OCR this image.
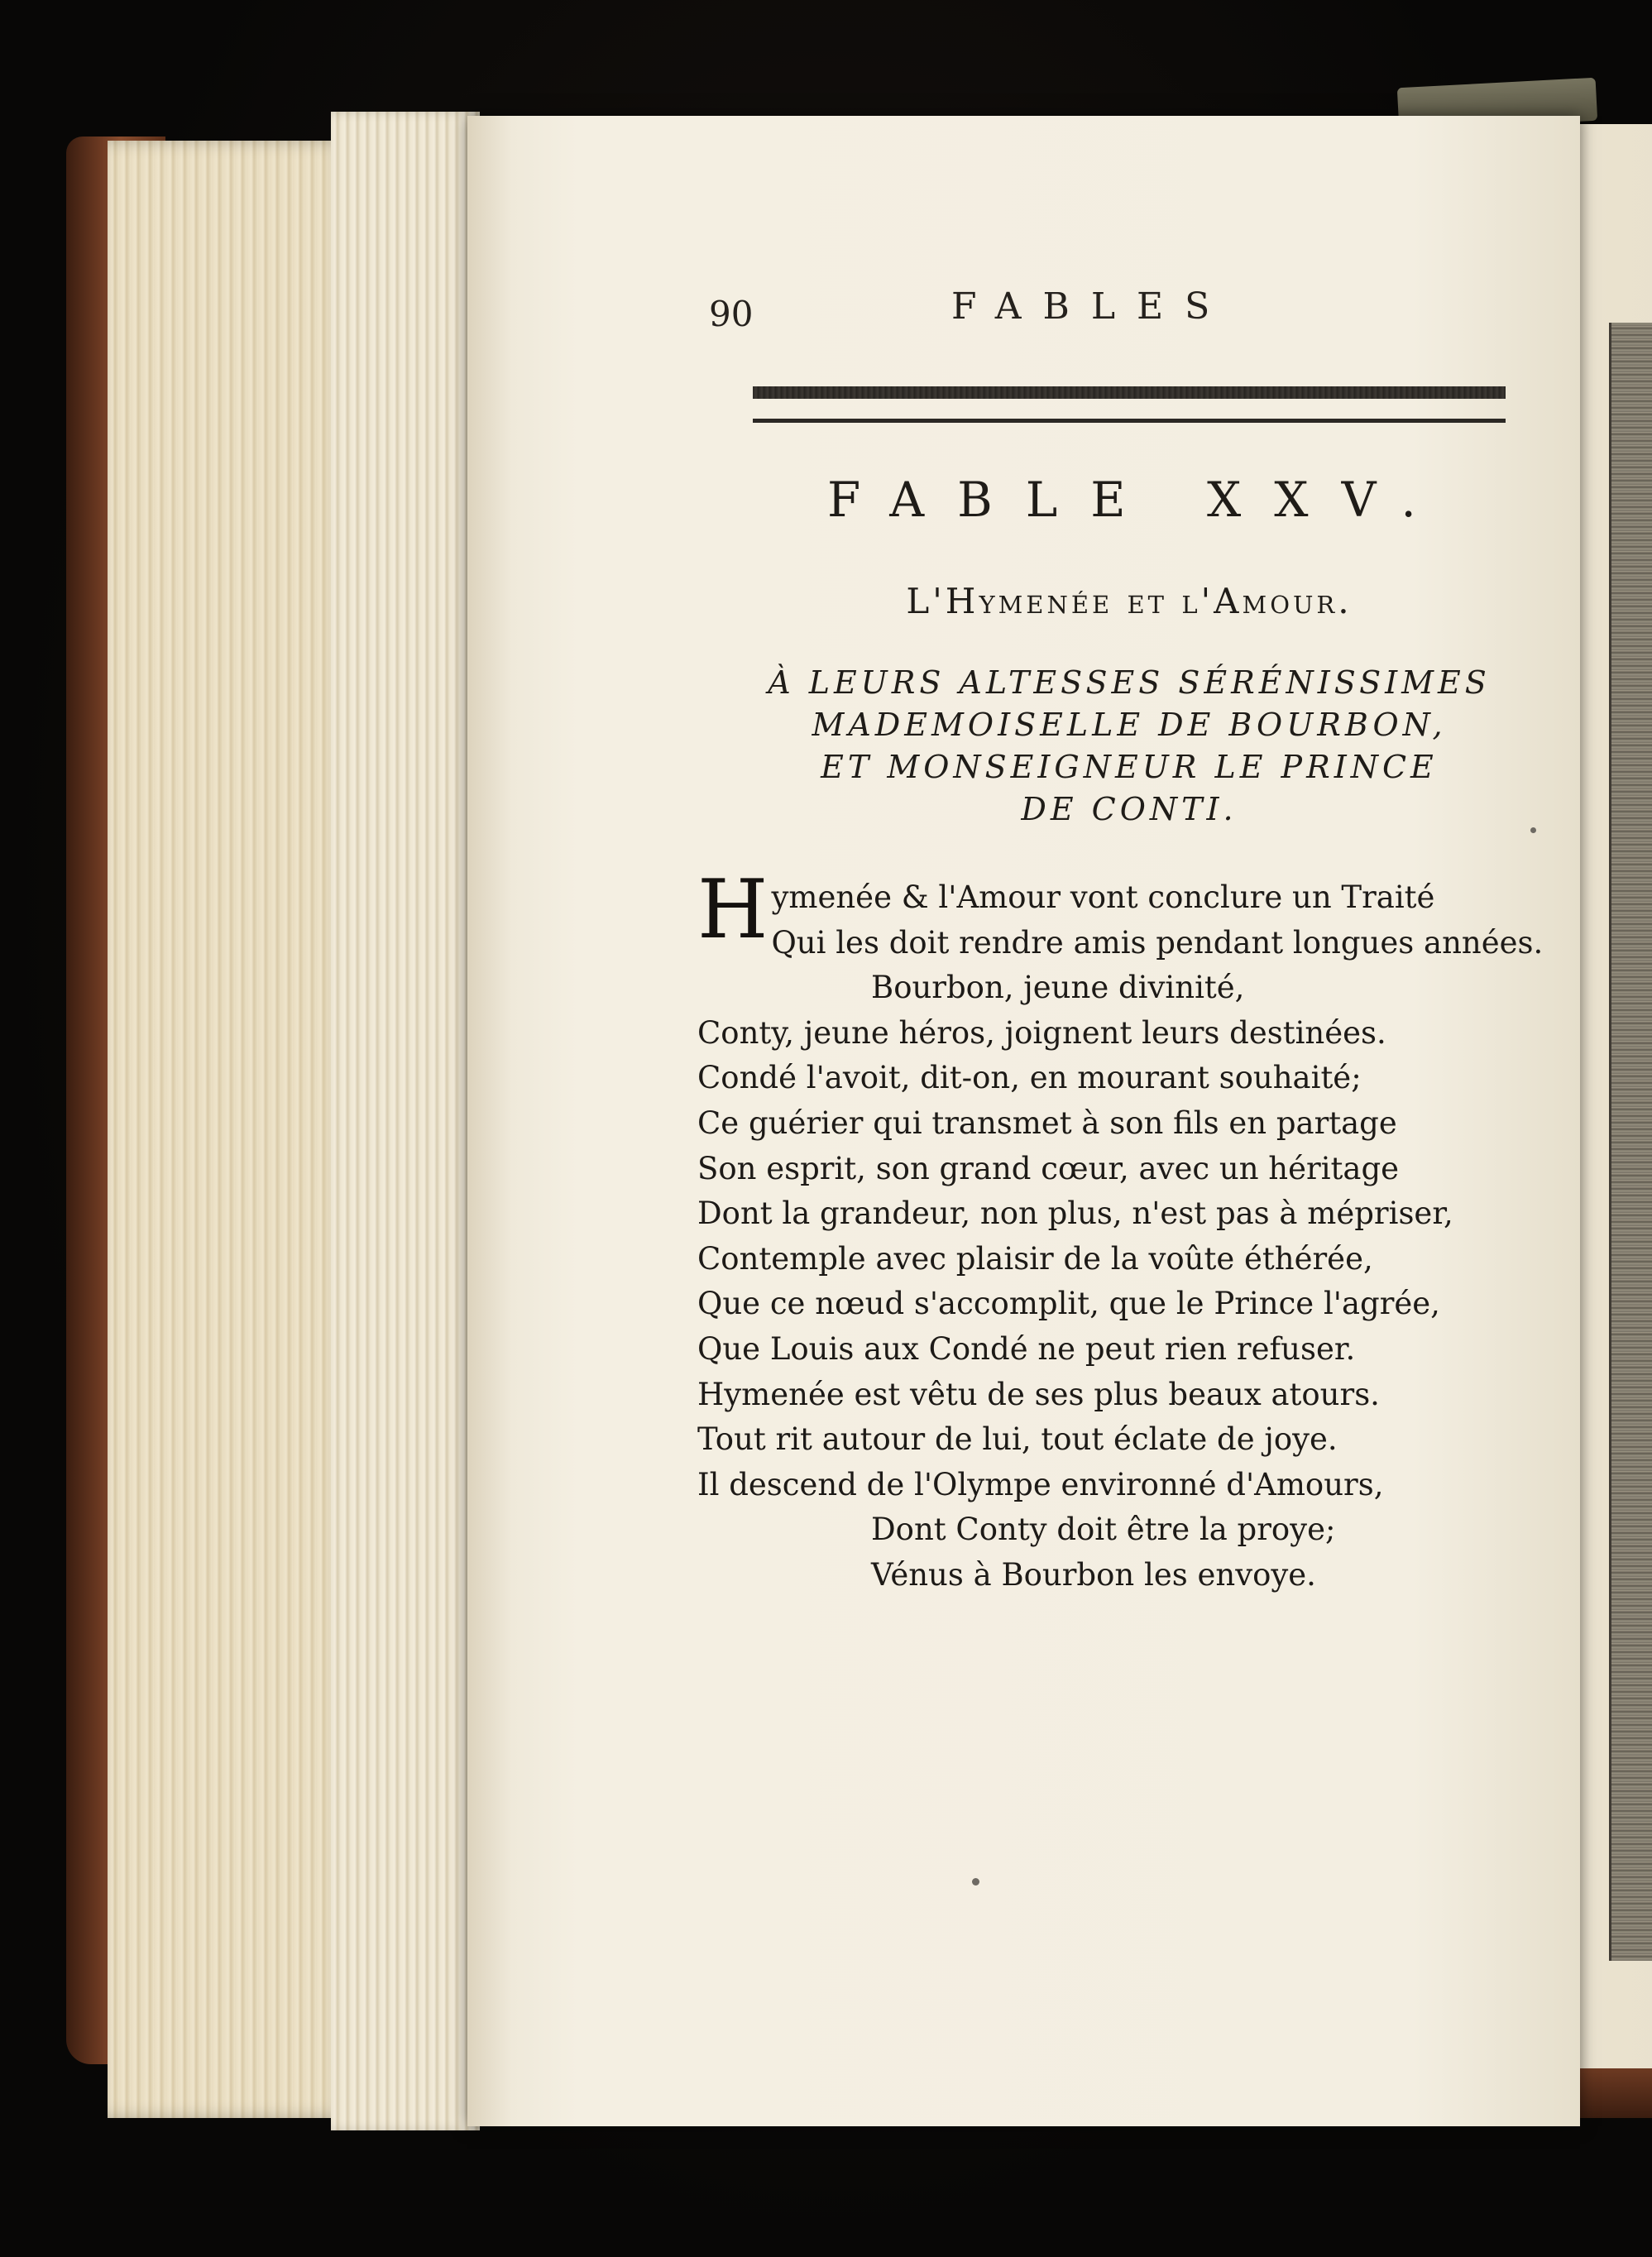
90	FABLES
FABLE XXV.
L'Hymenée et l'Amour.
À LEURS ALTESSES SÉRÉNISSIMES
MADEMOISELLE DE BOURBON,
ET MONSEIGNEUR LE PRINCE
DE CONTI.
Hymenée & l'Amour vont conclure un Traité
Qui les doit rendre amis pendant longues années.
Bourbon, jeune divinité,
Conty, jeune héros, joignent leurs destinées.
Condé l'avoit, dit-on, en mourant souhaité;
Ce guérier qui transmet à son fils en partage
Son esprit, son grand cœur, avec un héritage
Dont la grandeur, non plus, n'est pas à mépriser,
Contemple avec plaisir de la voûte éthérée,
Que ce nœud s'accomplit, que le Prince l'agrée,
Que Louis aux Condé ne peut rien refuser.
Hymenée est vêtu de ses plus beaux atours.
Tout rit autour de lui, tout éclate de joye.
Il descend de l'Olympe environné d'Amours,
Dont Conty doit être la proye;
Vénus à Bourbon les envoye.
